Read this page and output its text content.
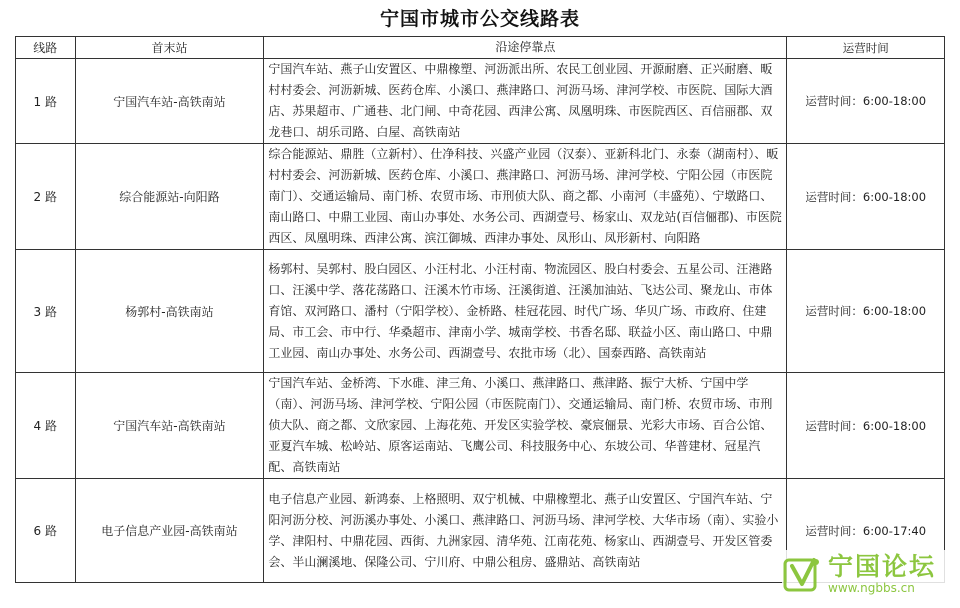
宁国市城市公交线路表
线路	首末站	沿途停靠点	运营时间
1 路	宁国汽车站-高铁南站	宁国汽车站、燕子山安置区、中鼎橡塑、河沥派出所、农民工创业园、开源耐磨、正兴耐磨、畈村村委会、河沥新城、医药仓库、小溪口、燕津路口、河沥马场、津河学校、市医院、国际大酒店、苏果超市、广通巷、北门闸、中奇花园、西津公寓、凤凰明珠、市医院西区、百信丽郡、双龙巷口、胡乐司路、白屋、高铁南站	运营时间：6:00-18:00
2 路	综合能源站-向阳路	综合能源站、鼎胜（立新村）、仕净科技、兴盛产业园（汉泰）、亚新科北门、永泰（湖南村）、畈村村委会、河沥新城、医药仓库、小溪口、燕津路口、河沥马场、津河学校、宁阳公园（市医院南门）、交通运输局、南门桥、农贸市场、市刑侦大队、商之都、小南河（丰盛苑）、宁墩路口、南山路口、中鼎工业园、南山办事处、水务公司、西湖壹号、杨家山、双龙站(百信俪郡)、市医院西区、凤凰明珠、西津公寓、滨江御城、西津办事处、凤形山、凤形新村、向阳路	运营时间：6:00-18:00
3 路	杨郭村-高铁南站	杨郭村、吴郭村、股白园区、小汪村北、小汪村南、物流园区、股白村委会、五星公司、汪港路口、汪溪中学、落花荡路口、汪溪木竹市场、汪溪街道、汪溪加油站、飞达公司、聚龙山、市体育馆、双河路口、潘村（宁阳学校）、金桥路、桂冠花园、时代广场、华贝广场、市政府、住建局、市工会、市中行、华桑超市、津南小学、城南学校、书香名邸、联益小区、南山路口、中鼎工业园、南山办事处、水务公司、西湖壹号、农批市场（北）、国泰西路、高铁南站	运营时间：6:00-18:00
4 路	宁国汽车站-高铁南站	宁国汽车站、金桥湾、下水碓、津三角、小溪口、燕津路口、燕津路、振宁大桥、宁国中学（南）、河沥马场、津河学校、宁阳公园（市医院南门）、交通运输局、南门桥、农贸市场、市刑侦大队、商之都、文欣家园、上海花苑、开发区实验学校、豪宸俪景、光彩大市场、百合公馆、亚夏汽车城、松岭站、原客运南站、飞鹰公司、科技服务中心、东坡公司、华普建材、冠星汽配、高铁南站	运营时间：6:00-18:00
6 路	电子信息产业园-高铁南站	电子信息产业园、新鸿泰、上格照明、双宁机械、中鼎橡塑北、燕子山安置区、宁国汽车站、宁阳河沥分校、河沥溪办事处、小溪口、燕津路口、河沥马场、津河学校、大华市场（南）、实验小学、津阳村、中鼎花园、西街、九洲家园、清华苑、江南花苑、杨家山、西湖壹号、开发区管委会、半山澜溪地、保隆公司、宁川府、中鼎公租房、盛鼎站、高铁南站	运营时间：6:00-17:40
宁国论坛
www.ngbbs.cn
